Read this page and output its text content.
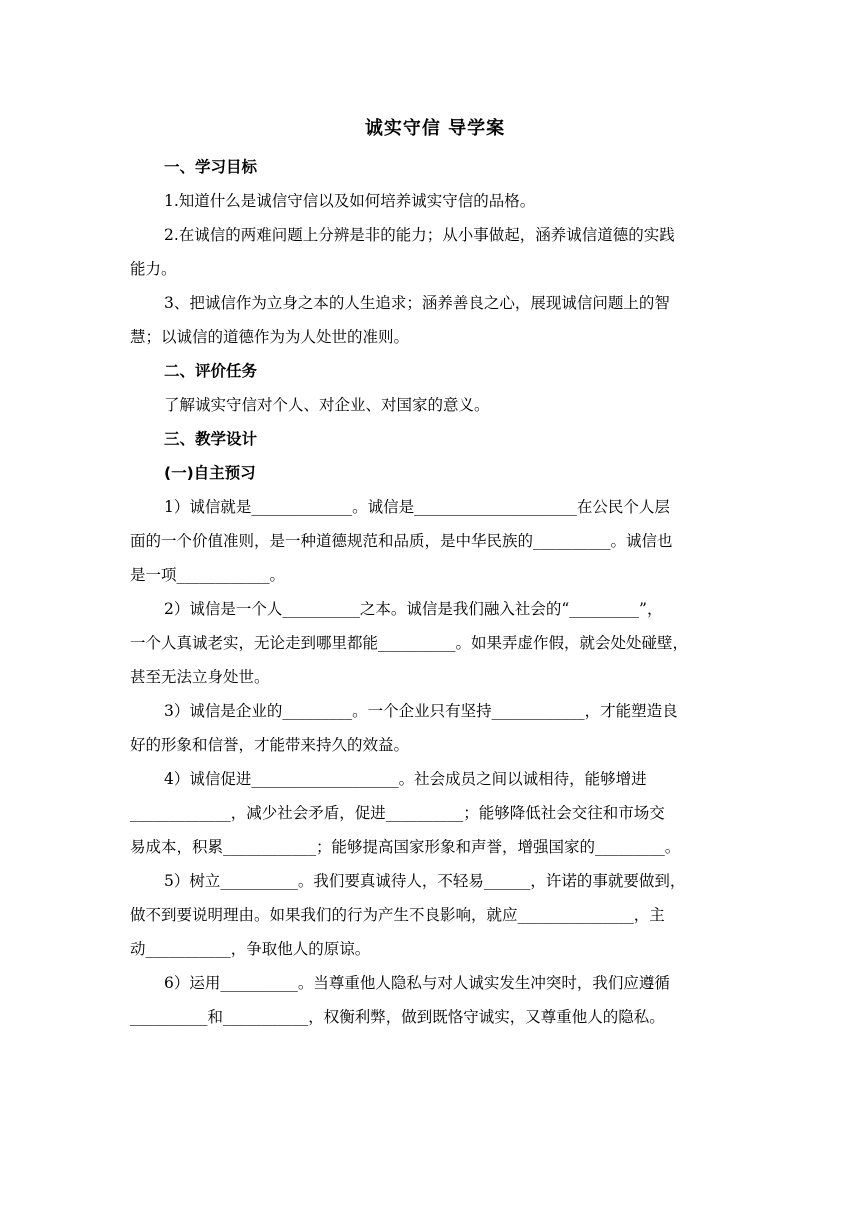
诚实守信 导学案
一、学习目标
1.知道什么是诚信守信以及如何培养诚实守信的品格。
2.在诚信的两难问题上分辨是非的能力；从小事做起，涵养诚信道德的实践
能力。
3、把诚信作为立身之本的人生追求；涵养善良之心，展现诚信问题上的智
慧；以诚信的道德作为为人处世的准则。
二、评价任务
了解诚实守信对个人、对企业、对国家的意义。
三、教学设计
(一)自主预习
1）诚信就是_____________。诚信是_____________________在公民个人层
面的一个价值准则，是一种道德规范和品质，是中华民族的__________。诚信也
是一项____________。
2）诚信是一个人__________之本。诚信是我们融入社会的“_________”，
一个人真诚老实，无论走到哪里都能__________。如果弄虚作假，就会处处碰壁，
甚至无法立身处世。
3）诚信是企业的_________。一个企业只有坚持____________，才能塑造良
好的形象和信誉，才能带来持久的效益。
4）诚信促进___________________。社会成员之间以诚相待，能够增进
_____________，减少社会矛盾，促进__________；能够降低社会交往和市场交
易成本，积累____________；能够提高国家形象和声誉，增强国家的_________。
5）树立__________。我们要真诚待人，不轻易______，许诺的事就要做到，
做不到要说明理由。如果我们的行为产生不良影响，就应_______________，主
动___________，争取他人的原谅。
6）运用__________。当尊重他人隐私与对人诚实发生冲突时，我们应遵循
__________和___________，权衡利弊，做到既恪守诚实，又尊重他人的隐私。
